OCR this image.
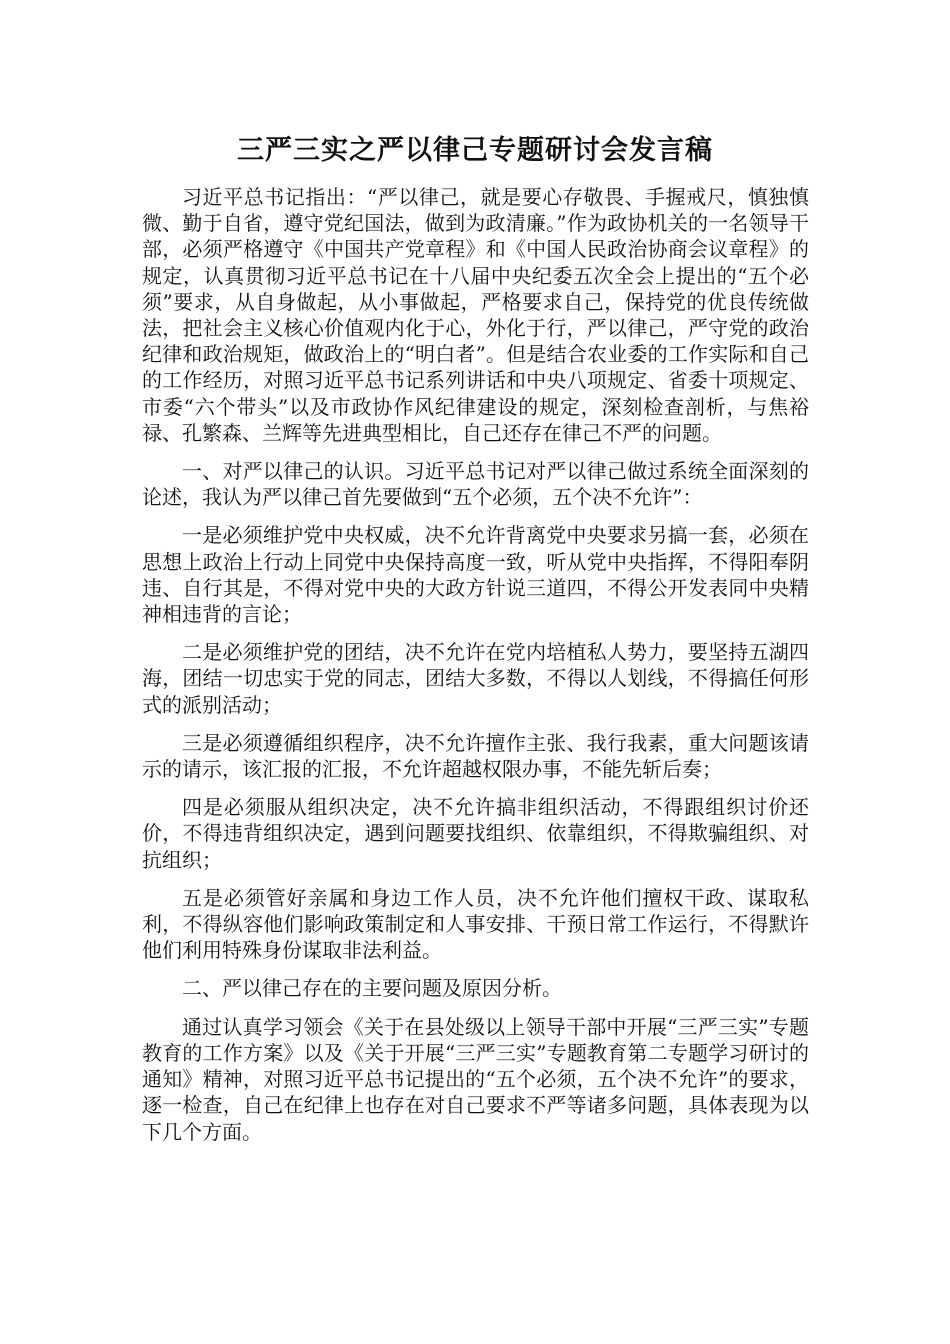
三严三实之严以律己专题研讨会发言稿

习近平总书记指出：“严以律己，就是要心存敬畏、手握戒尺，慎独慎微、勤于自省，遵守党纪国法，做到为政清廉。”作为政协机关的一名领导干部，必须严格遵守《中国共产党章程》和《中国人民政治协商会议章程》的规定，认真贯彻习近平总书记在十八届中央纪委五次全会上提出的“五个必须”要求，从自身做起，从小事做起，严格要求自己，保持党的优良传统做法，把社会主义核心价值观内化于心，外化于行，严以律己，严守党的政治纪律和政治规矩，做政治上的“明白者”。但是结合农业委的工作实际和自己的工作经历，对照习近平总书记系列讲话和中央八项规定、省委十项规定、市委“六个带头”以及市政协作风纪律建设的规定，深刻检查剖析，与焦裕禄、孔繁森、兰辉等先进典型相比，自己还存在律己不严的问题。

一、对严以律己的认识。习近平总书记对严以律己做过系统全面深刻的论述，我认为严以律己首先要做到“五个必须，五个决不允许”：

一是必须维护党中央权威，决不允许背离党中央要求另搞一套，必须在思想上政治上行动上同党中央保持高度一致，听从党中央指挥，不得阳奉阴违、自行其是，不得对党中央的大政方针说三道四，不得公开发表同中央精神相违背的言论；

二是必须维护党的团结，决不允许在党内培植私人势力，要坚持五湖四海，团结一切忠实于党的同志，团结大多数，不得以人划线，不得搞任何形式的派别活动；

三是必须遵循组织程序，决不允许擅作主张、我行我素，重大问题该请示的请示，该汇报的汇报，不允许超越权限办事，不能先斩后奏；

四是必须服从组织决定，决不允许搞非组织活动，不得跟组织讨价还价，不得违背组织决定，遇到问题要找组织、依靠组织，不得欺骗组织、对抗组织；

五是必须管好亲属和身边工作人员，决不允许他们擅权干政、谋取私利，不得纵容他们影响政策制定和人事安排、干预日常工作运行，不得默许他们利用特殊身份谋取非法利益。

二、严以律己存在的主要问题及原因分析。

通过认真学习领会《关于在县处级以上领导干部中开展“三严三实”专题教育的工作方案》以及《关于开展“三严三实”专题教育第二专题学习研讨的通知》精神，对照习近平总书记提出的“五个必须，五个决不允许”的要求，逐一检查，自己在纪律上也存在对自己要求不严等诸多问题，具体表现为以下几个方面。
